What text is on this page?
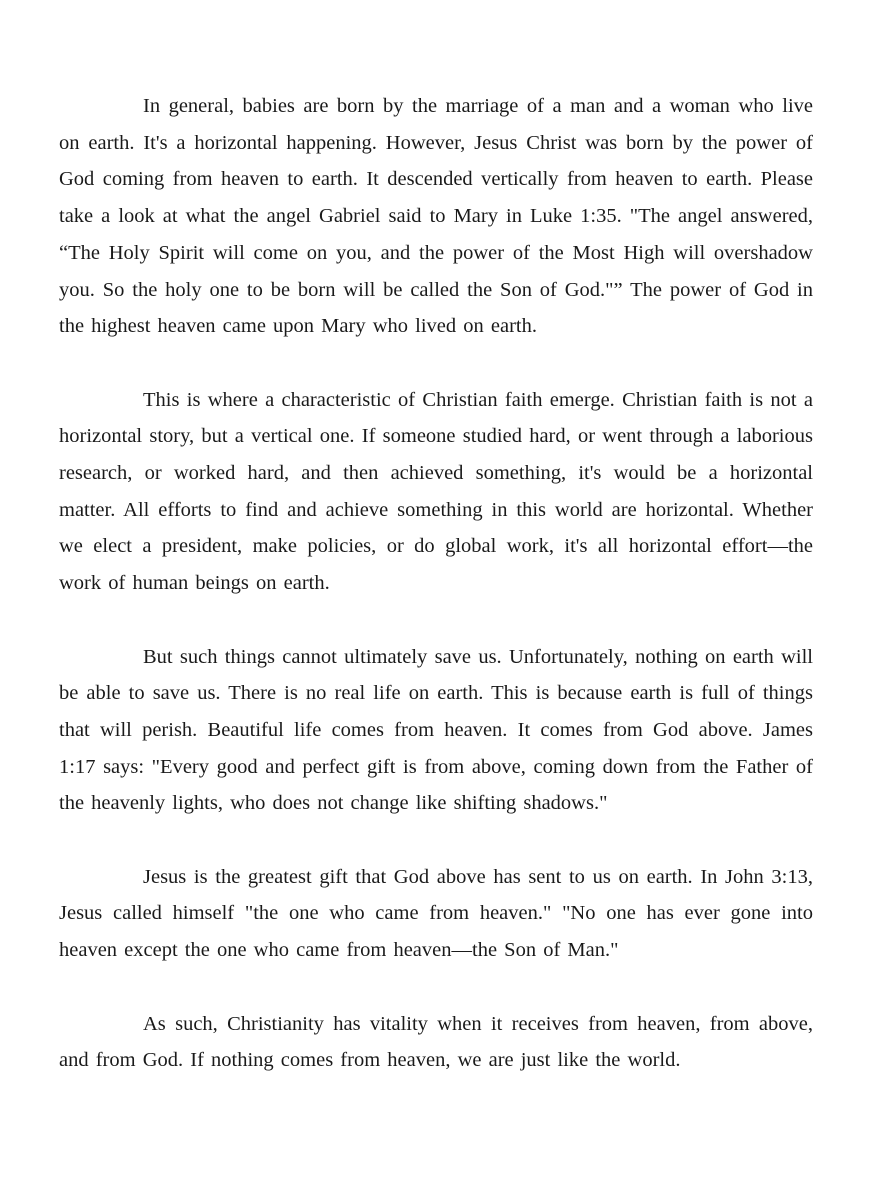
In general, babies are born by the marriage of a man and a woman who live on earth. It's a horizontal happening. However, Jesus Christ was born by the power of God coming from heaven to earth. It descended vertically from heaven to earth. Please take a look at what the angel Gabriel said to Mary in Luke 1:35. "The angel answered, “The Holy Spirit will come on you, and the power of the Most High will overshadow you. So the holy one to be born will be called the Son of God."” The power of God in the highest heaven came upon Mary who lived on earth.

This is where a characteristic of Christian faith emerge. Christian faith is not a horizontal story, but a vertical one. If someone studied hard, or went through a laborious research, or worked hard, and then achieved something, it's would be a horizontal matter. All efforts to find and achieve something in this world are horizontal. Whether we elect a president, make policies, or do global work, it's all horizontal effort—the work of human beings on earth.

But such things cannot ultimately save us. Unfortunately, nothing on earth will be able to save us. There is no real life on earth. This is because earth is full of things that will perish. Beautiful life comes from heaven. It comes from God above. James 1:17 says: "Every good and perfect gift is from above, coming down from the Father of the heavenly lights, who does not change like shifting shadows."

Jesus is the greatest gift that God above has sent to us on earth. In John 3:13, Jesus called himself "the one who came from heaven." "No one has ever gone into heaven except the one who came from heaven—the Son of Man."

As such, Christianity has vitality when it receives from heaven, from above, and from God. If nothing comes from heaven, we are just like the world.
